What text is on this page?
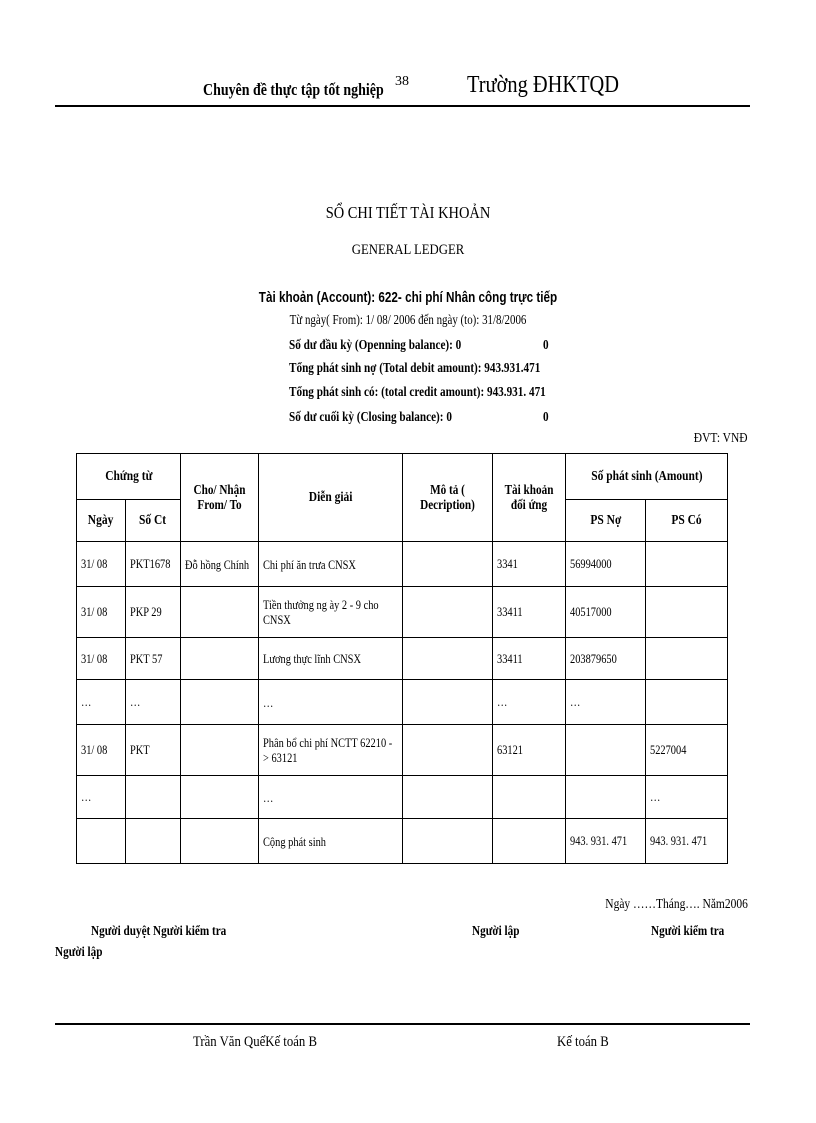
Chuyên đề thực tập tốt nghiệp 38 Trường ĐHKTQD
SỔ CHI TIẾT TÀI KHOẢN
GENERAL LEDGER
Tài khoản (Account): 622- chi phí Nhân công trực tiếp
Từ ngày( From): 1/ 08/ 2006 đến ngày (to): 31/8/2006
Số dư đầu kỳ (Openning balance): 0	0
Tổng phát sinh nợ (Total debit amount): 943.931.471
Tổng phát sinh có: (total credit amount): 943.931. 471
Số dư cuối kỳ (Closing balance): 0	0
ĐVT: VNĐ
Chứng từ		Cho/ Nhận From/ To	Diễn giải	Mô tả ( Decription)	Tài khoản đối ứng	Số phát sinh (Amount)	
Ngày	Số Ct					PS Nợ	PS Có
31/ 08	PKT1678	Đỗ hồng Chính	Chi phí ăn trưa CNSX		3341	56994000	
31/ 08	PKP 29		Tiền thưởng ng ày 2 - 9 cho CNSX		33411	40517000	
31/ 08	PKT 57		Lương thực lĩnh CNSX		33411	203879650	
…	…		…		…	…	
31/ 08	PKT		Phân bổ chi phí NCTT 62210 - > 63121		63121		5227004
…			…				…

			Cộng phát sinh			943. 931. 471	943. 931. 471
Ngày ……Tháng…. Năm2006
Người duyệt Người kiểm tra	Người lập	Người kiểm tra
Người lập
Trần Văn QuếKế toán B	Kế toán B
